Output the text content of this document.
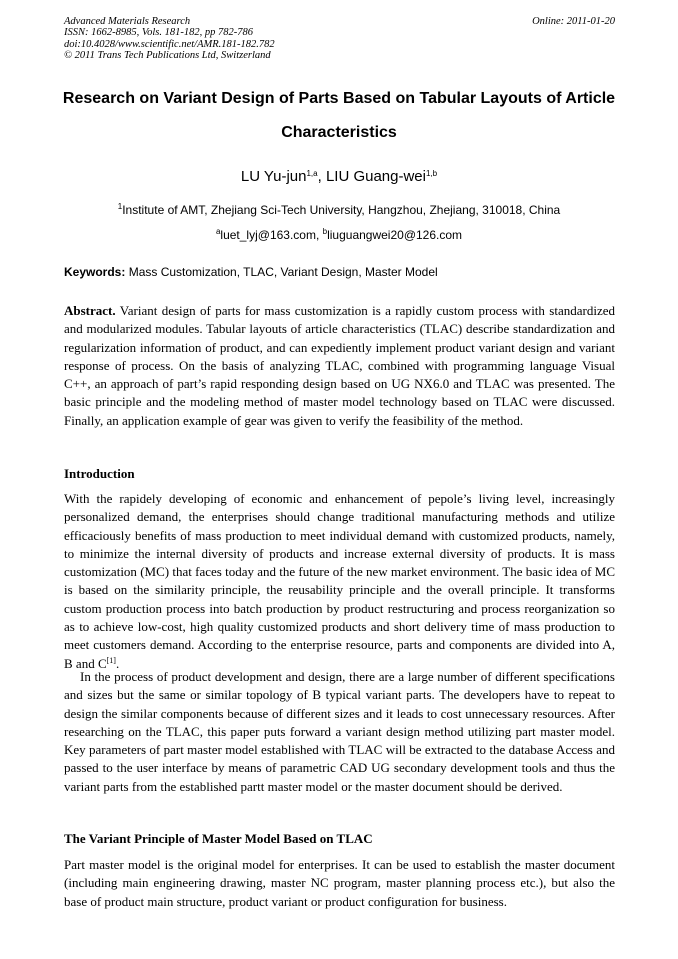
Advanced Materials Research
ISSN: 1662-8985, Vols. 181-182, pp 782-786
doi:10.4028/www.scientific.net/AMR.181-182.782
© 2011 Trans Tech Publications Ltd, Switzerland
Online: 2011-01-20
Research on Variant Design of Parts Based on Tabular Layouts of Article
Characteristics
LU Yu-jun$^{1,a}$, LIU Guang-wei$^{1,b}$
$^1$Institute of AMT, Zhejiang Sci-Tech University, Hangzhou, Zhejiang, 310018, China
$^a$luet_lyj@163.com, $^b$liuguangwei20@126.com
Keywords: Mass Customization, TLAC, Variant Design, Master Model
Abstract. Variant design of parts for mass customization is a rapidly custom process with standardized and modularized modules. Tabular layouts of article characteristics (TLAC) describe standardization and regularization information of product, and can expediently implement product variant design and variant response of process. On the basis of analyzing TLAC, combined with programming language Visual C++, an approach of part’s rapid responding design based on UG NX6.0 and TLAC was presented. The basic principle and the modeling method of master model technology based on TLAC were discussed. Finally, an application example of gear was given to verify the feasibility of the method.
Introduction
With the rapidely developing of economic and enhancement of pepole’s living level, increasingly personalized demand, the enterprises should change traditional manufacturing methods and utilize efficaciously benefits of mass production to meet individual demand with customized products, namely, to minimize the internal diversity of products and increase external diversity of products. It is mass customization (MC) that faces today and the future of the new market environment. The basic idea of MC is based on the similarity principle, the reusability principle and the overall principle. It transforms custom production process into batch production by product restructuring and process reorganization so as to achieve low-cost, high quality customized products and short delivery time of mass production to meet customers demand. According to the enterprise resource, parts and components are divided into A, B and C[1].
In the process of product development and design, there are a large number of different specifications and sizes but the same or similar topology of B typical variant parts. The developers have to repeat to design the similar components because of different sizes and it leads to cost unnecessary resources. After researching on the TLAC, this paper puts forward a variant design method utilizing part master model. Key parameters of part master model established with TLAC will be extracted to the database Access and passed to the user interface by means of parametric CAD UG secondary development tools and thus the variant parts from the established partt master model or the master document should be derived.
The Variant Principle of Master Model Based on TLAC
Part master model is the original model for enterprises. It can be used to establish the master document (including main engineering drawing, master NC program, master planning process etc.), but also the base of product main structure, product variant or product configuration for business.
